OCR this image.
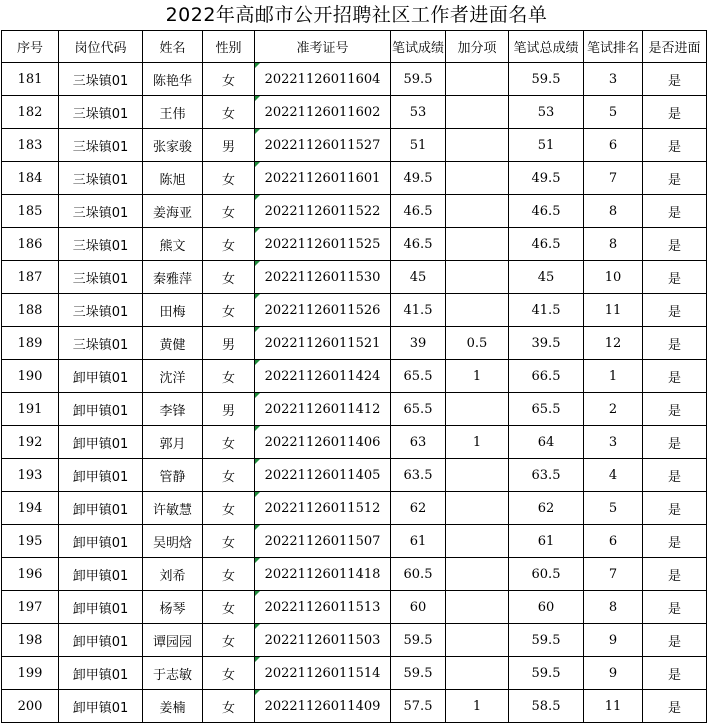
2022年高邮市公开招聘社区工作者进面名单
序号	岗位代码	姓名	性别	准考证号	笔试成绩	加分项	笔试总成绩	笔试排名	是否进面
181	三垛镇01	陈艳华	女	20221126011604	59.5		59.5	3	是
182	三垛镇01	王伟	女	20221126011602	53		53	5	是
183	三垛镇01	张家骏	男	20221126011527	51		51	6	是
184	三垛镇01	陈旭	女	20221126011601	49.5		49.5	7	是
185	三垛镇01	姜海亚	女	20221126011522	46.5		46.5	8	是
186	三垛镇01	熊文	女	20221126011525	46.5		46.5	8	是
187	三垛镇01	秦雅萍	女	20221126011530	45		45	10	是
188	三垛镇01	田梅	女	20221126011526	41.5		41.5	11	是
189	三垛镇01	黄健	男	20221126011521	39	0.5	39.5	12	是
190	卸甲镇01	沈洋	女	20221126011424	65.5	1	66.5	1	是
191	卸甲镇01	李锋	男	20221126011412	65.5		65.5	2	是
192	卸甲镇01	郭月	女	20221126011406	63	1	64	3	是
193	卸甲镇01	管静	女	20221126011405	63.5		63.5	4	是
194	卸甲镇01	许敏慧	女	20221126011512	62		62	5	是
195	卸甲镇01	吴明焓	女	20221126011507	61		61	6	是
196	卸甲镇01	刘希	女	20221126011418	60.5		60.5	7	是
197	卸甲镇01	杨琴	女	20221126011513	60		60	8	是
198	卸甲镇01	谭园园	女	20221126011503	59.5		59.5	9	是
199	卸甲镇01	于志敏	女	20221126011514	59.5		59.5	9	是
200	卸甲镇01	姜楠	女	20221126011409	57.5	1	58.5	11	是
